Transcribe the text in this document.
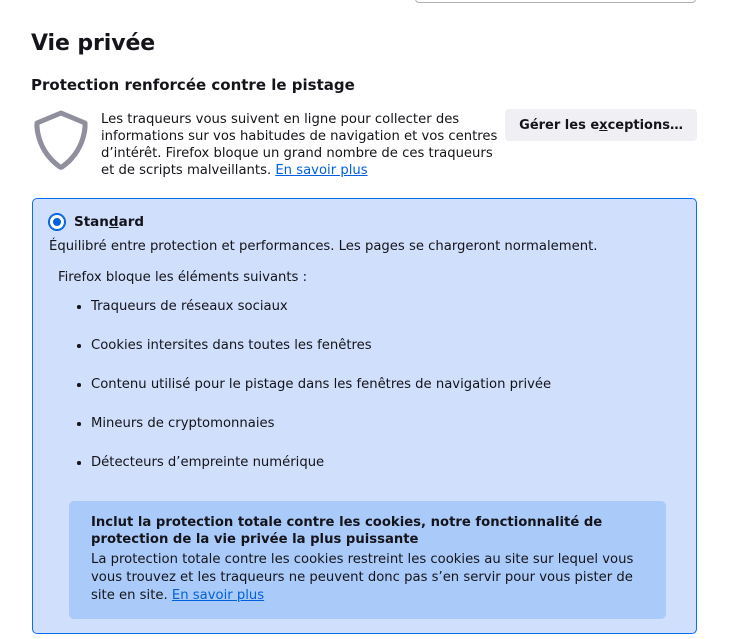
Vie privée
Protection renforcée contre le pistage
Les traqueurs vous suivent en ligne pour collecter des informations sur vos habitudes de navigation et vos centres d’intérêt. Firefox bloque un grand nombre de ces traqueurs et de scripts malveillants. En savoir plus
Gérer les exceptions…
Standard

Équilibré entre protection et performances. Les pages se chargeront normalement.

Firefox bloque les éléments suivants :

Traqueurs de réseaux sociaux
Cookies intersites dans toutes les fenêtres
Contenu utilisé pour le pistage dans les fenêtres de navigation privée
Mineurs de cryptomonnaies
Détecteurs d’empreinte numérique

Inclut la protection totale contre les cookies, notre fonctionnalité de protection de la vie privée la plus puissante

La protection totale contre les cookies restreint les cookies au site sur lequel vous vous trouvez et les traqueurs ne peuvent donc pas s’en servir pour vous pister de site en site. En savoir plus
